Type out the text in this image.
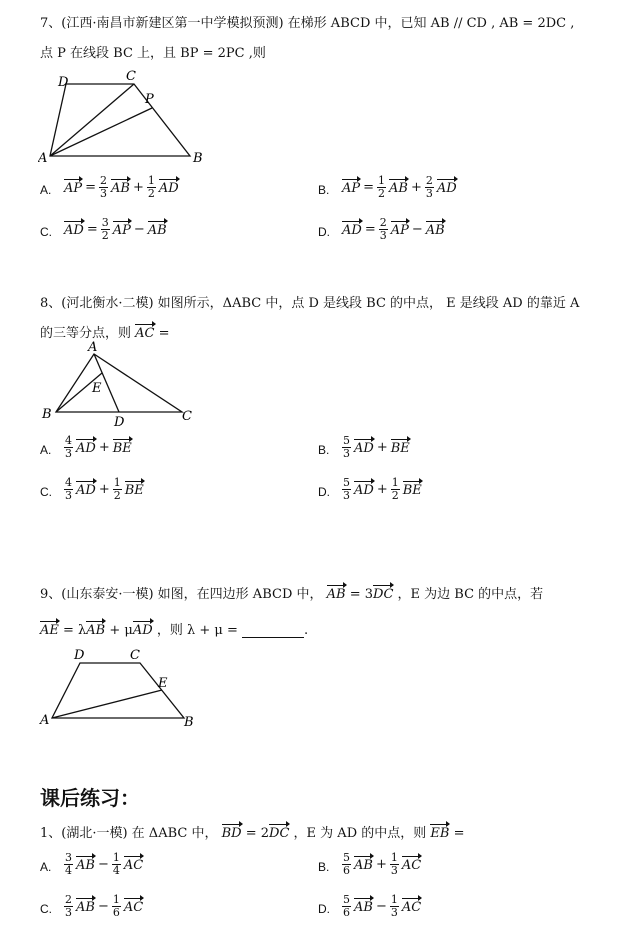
7、(江西·南昌市新建区第一中学模拟预测) 在梯形 ABCD 中，已知 AB // CD , AB = 2DC ,
点 P 在线段 BC 上，且 BP = 2PC ,则
A	B
C
D
P
A. AP = $\frac{2}{3}$ AB + $\frac{1}{2}$ AD	B. AP = $\frac{1}{2}$ AB + $\frac{2}{3}$ AD
C. AD = $\frac{3}{2}$ AP − AB	D. AD = $\frac{2}{3}$ AP − AB
8、(河北衡水·二模) 如图所示，ΔABC 中，点 D 是线段 BC 的中点， E 是线段 AD 的靠近 A
的三等分点，则 AC =
A
B	C
D
E
A. $\frac{4}{3}$ AD + BE	B. $\frac{5}{3}$ AD + BE
C. $\frac{4}{3}$ AD + $\frac{1}{2}$ BE	D. $\frac{5}{3}$ AD + $\frac{1}{2}$ BE
9、(山东泰安·一模) 如图，在四边形 ABCD 中， AB = 3DC ，E 为边 BC 的中点，若
AE = λAB + μAD ，则 λ + μ =	.
A	B
C
D
E
课后练习：
1、(湖北·一模) 在 ΔABC 中， BD = 2DC ，E 为 AD 的中点，则 EB =
A. $\frac{3}{4}$ AB − $\frac{1}{4}$ AC	B. $\frac{5}{6}$ AB + $\frac{1}{3}$ AC
C. $\frac{2}{3}$ AB − $\frac{1}{6}$ AC	D. $\frac{5}{6}$ AB − $\frac{1}{3}$ AC
